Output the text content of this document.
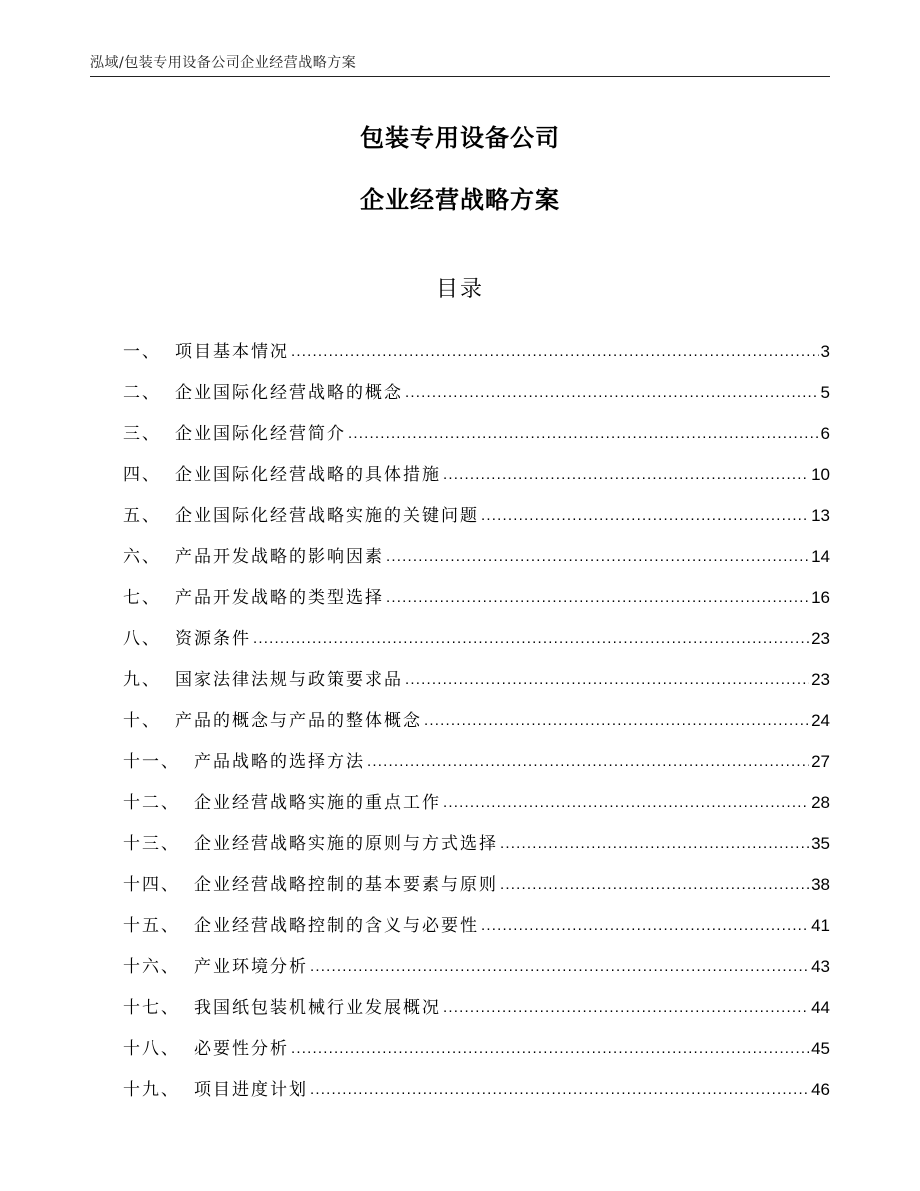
泓域/包装专用设备公司企业经营战略方案
包装专用设备公司
企业经营战略方案
目录
一、 项目基本情况 .....	3
二、 企业国际化经营战略的概念 .....	5
三、 企业国际化经营简介 .....	6
四、 企业国际化经营战略的具体措施 .....	10
五、 企业国际化经营战略实施的关键问题 .....	13
六、 产品开发战略的影响因素 .....	14
七、 产品开发战略的类型选择 .....	16
八、 资源条件 .....	23
九、 国家法律法规与政策要求品 .....	23
十、 产品的概念与产品的整体概念 .....	24
十一、 产品战略的选择方法 .....	27
十二、 企业经营战略实施的重点工作 .....	28
十三、 企业经营战略实施的原则与方式选择 .....	35
十四、 企业经营战略控制的基本要素与原则 .....	38
十五、 企业经营战略控制的含义与必要性 .....	41
十六、 产业环境分析 .....	43
十七、 我国纸包装机械行业发展概况 .....	44
十八、 必要性分析 .....	45
十九、 项目进度计划 .....	46
